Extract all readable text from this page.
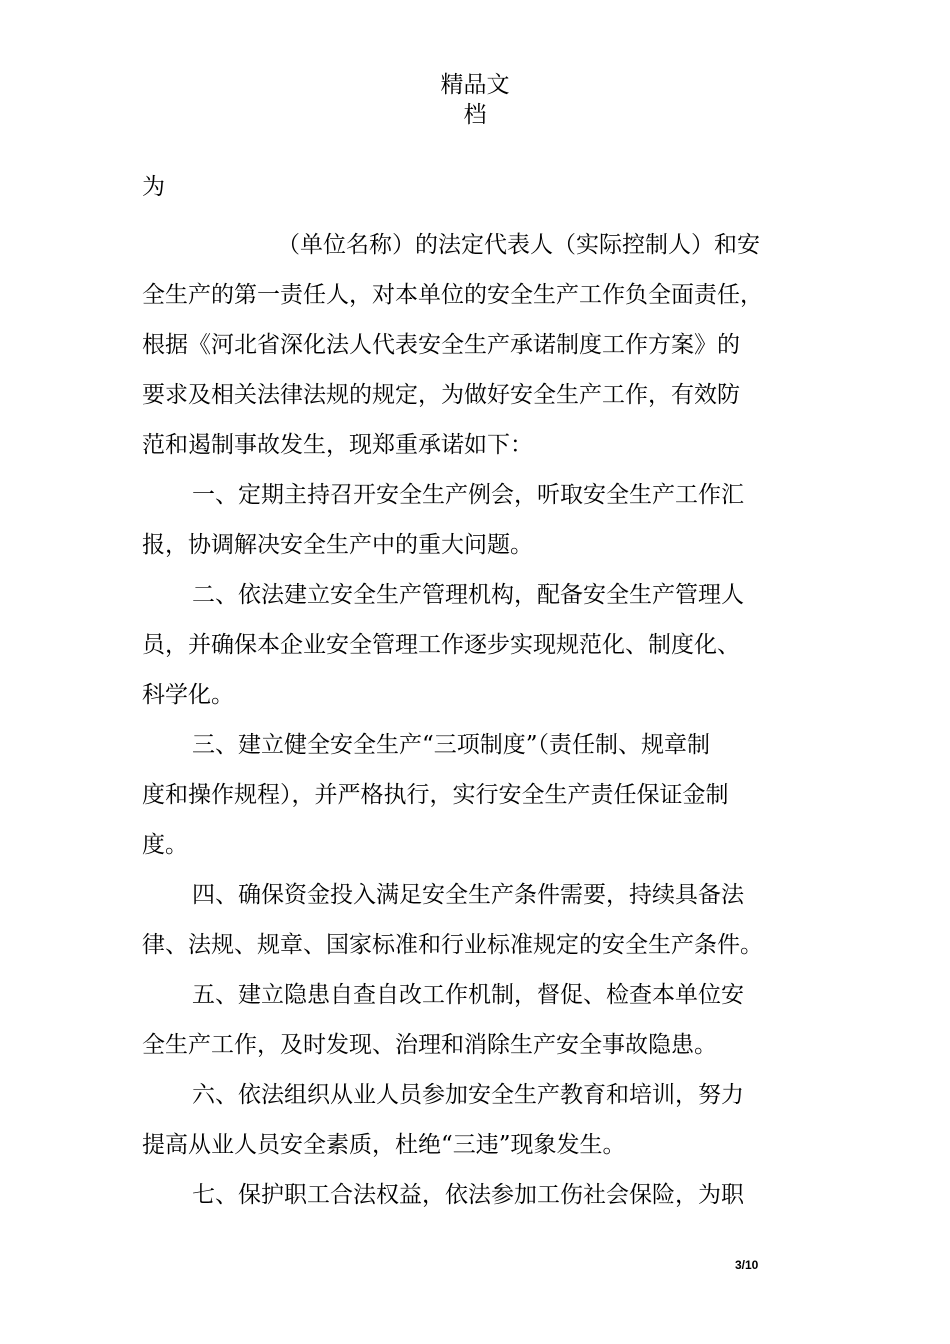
精品文
档
为
（单位名称）的法定代表人（实际控制人）和安
全生产的第一责任人，对本单位的安全生产工作负全面责任，
根据《河北省深化法人代表安全生产承诺制度工作方案》的
要求及相关法律法规的规定，为做好安全生产工作，有效防
范和遏制事故发生，现郑重承诺如下：
一、定期主持召开安全生产例会，听取安全生产工作汇
报，协调解决安全生产中的重大问题。
二、依法建立安全生产管理机构，配备安全生产管理人
员，并确保本企业安全管理工作逐步实现规范化、制度化、
科学化。
三、建立健全安全生产“三项制度”（责任制、规章制
度和操作规程），并严格执行，实行安全生产责任保证金制
度。
四、确保资金投入满足安全生产条件需要，持续具备法
律、法规、规章、国家标准和行业标准规定的安全生产条件。
五、建立隐患自查自改工作机制，督促、检查本单位安
全生产工作，及时发现、治理和消除生产安全事故隐患。
六、依法组织从业人员参加安全生产教育和培训，努力
提高从业人员安全素质，杜绝“三违”现象发生。
七、保护职工合法权益，依法参加工伤社会保险，为职
3/10
